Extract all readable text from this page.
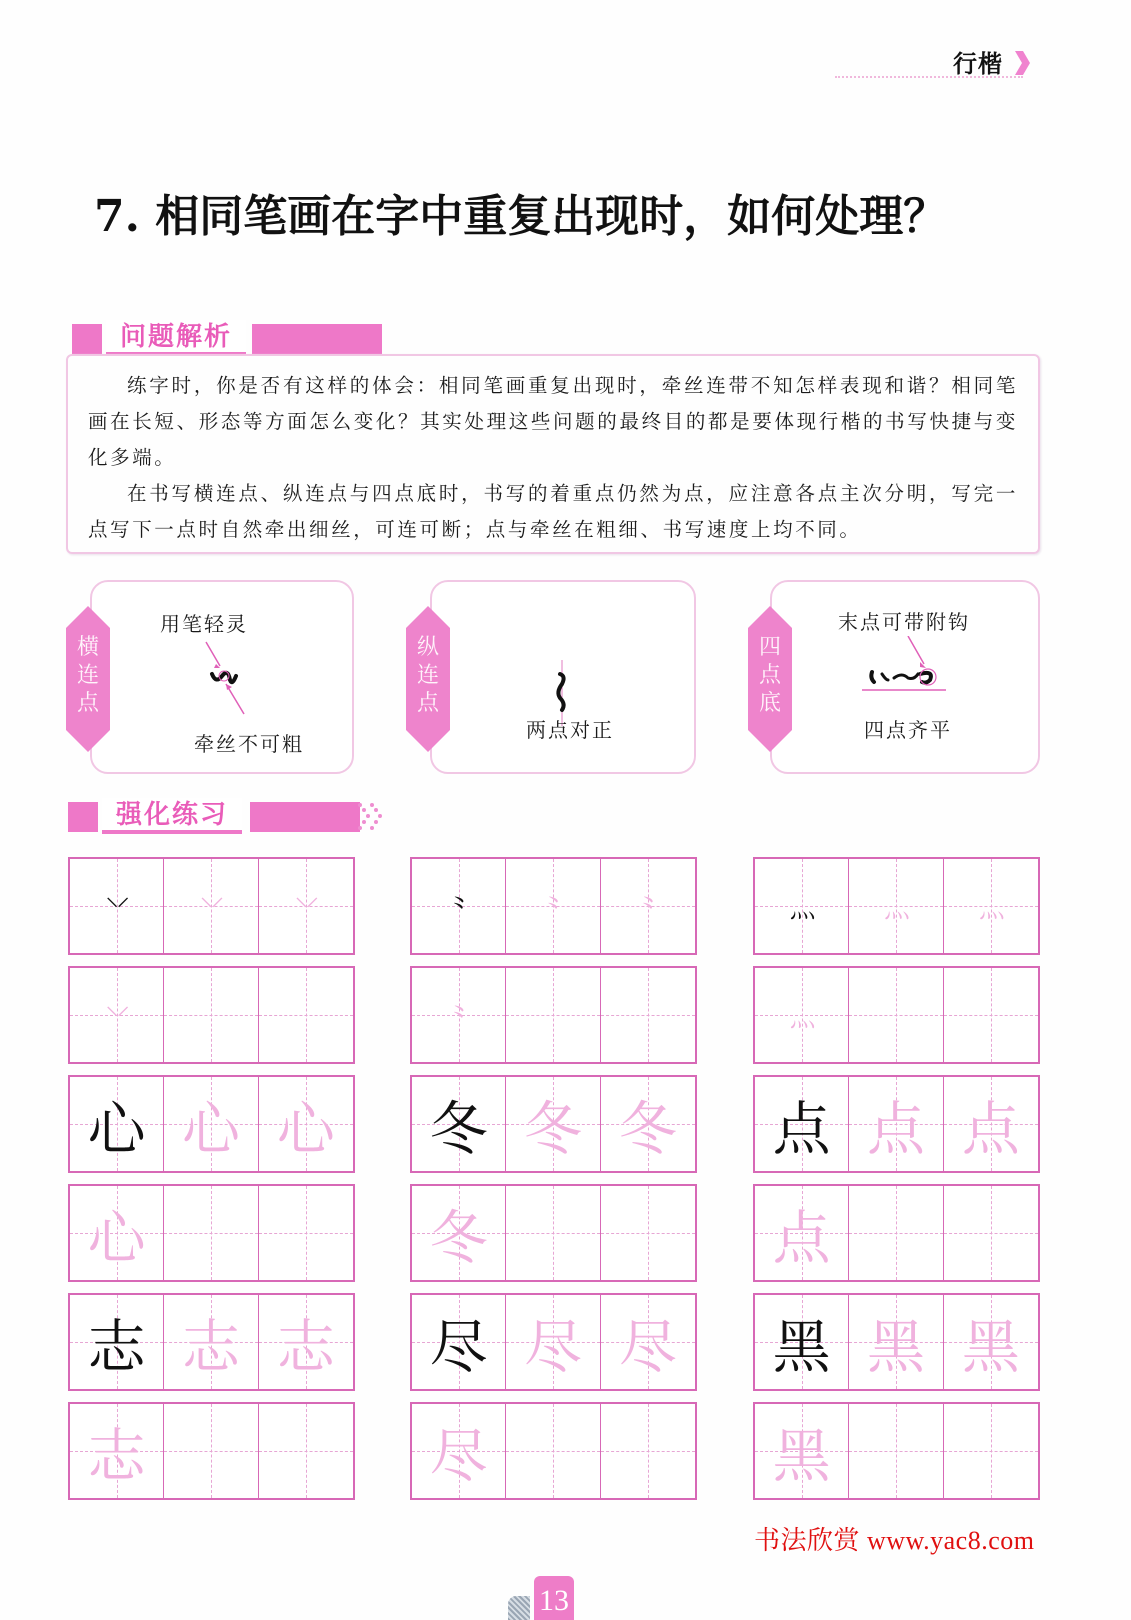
行楷
7. 相同笔画在字中重复出现时，如何处理？
问题解析

练字时，你是否有这样的体会：相同笔画重复出现时，牵丝连带不知怎样表现和谐？相同笔画在长短、形态等方面怎么变化？其实处理这些问题的最终目的都是要体现行楷的书写快捷与变化多端。

在书写横连点、纵连点与四点底时，书写的着重点仍然为点，应注意各点主次分明，写完一点写下一点时自然牵出细丝，可连可断；点与牵丝在粗细、书写速度上均不同。

横
连
点
用笔轻灵
牵丝不可粗
纵
连
点
两点对正
四
点
底
末点可带附钩
四点齐平
强化练习
⸌⸍	⸌⸍	⸌⸍
⸌⸍
心 心 心
心
志 志 志
志
⺀	⺀	⺀
⺀
冬 冬 冬
冬
尽 尽 尽
尽
灬	灬	灬
灬
点 点 点
点
黑 黑 黑
黑
13
书法欣赏 www.yac8.com
